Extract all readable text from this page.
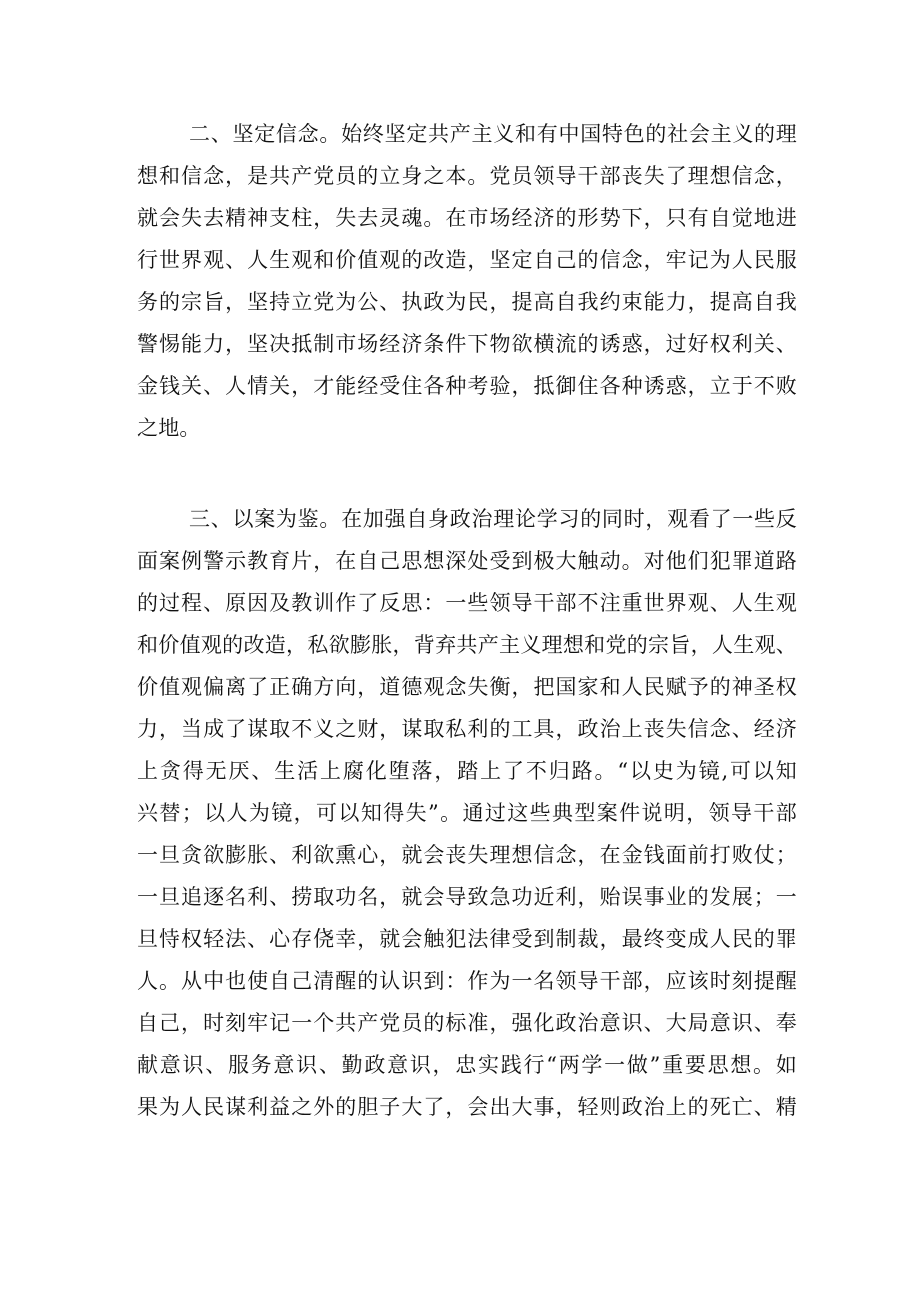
二、坚定信念。始终坚定共产主义和有中国特色的社会主义的理
想和信念，是共产党员的立身之本。党员领导干部丧失了理想信念，
就会失去精神支柱，失去灵魂。在市场经济的形势下，只有自觉地进
行世界观、人生观和价值观的改造，坚定自己的信念，牢记为人民服
务的宗旨，坚持立党为公、执政为民，提高自我约束能力，提高自我
警惕能力，坚决抵制市场经济条件下物欲横流的诱惑，过好权利关、
金钱关、人情关，才能经受住各种考验，抵御住各种诱惑，立于不败
之地。
三、以案为鉴。在加强自身政治理论学习的同时，观看了一些反
面案例警示教育片，在自己思想深处受到极大触动。对他们犯罪道路
的过程、原因及教训作了反思：一些领导干部不注重世界观、人生观
和价值观的改造，私欲膨胀，背弃共产主义理想和党的宗旨，人生观、
价值观偏离了正确方向，道德观念失衡，把国家和人民赋予的神圣权
力，当成了谋取不义之财，谋取私利的工具，政治上丧失信念、经济
上贪得无厌、生活上腐化堕落，踏上了不归路。“以史为镜,可以知
兴替；以人为镜，可以知得失”。通过这些典型案件说明，领导干部
一旦贪欲膨胀、利欲熏心，就会丧失理想信念，在金钱面前打败仗；
一旦追逐名利、捞取功名，就会导致急功近利，贻误事业的发展；一
旦恃权轻法、心存侥幸，就会触犯法律受到制裁，最终变成人民的罪
人。从中也使自己清醒的认识到：作为一名领导干部，应该时刻提醒
自己，时刻牢记一个共产党员的标准，强化政治意识、大局意识、奉
献意识、服务意识、勤政意识，忠实践行“两学一做”重要思想。如
果为人民谋利益之外的胆子大了，会出大事，轻则政治上的死亡、精
